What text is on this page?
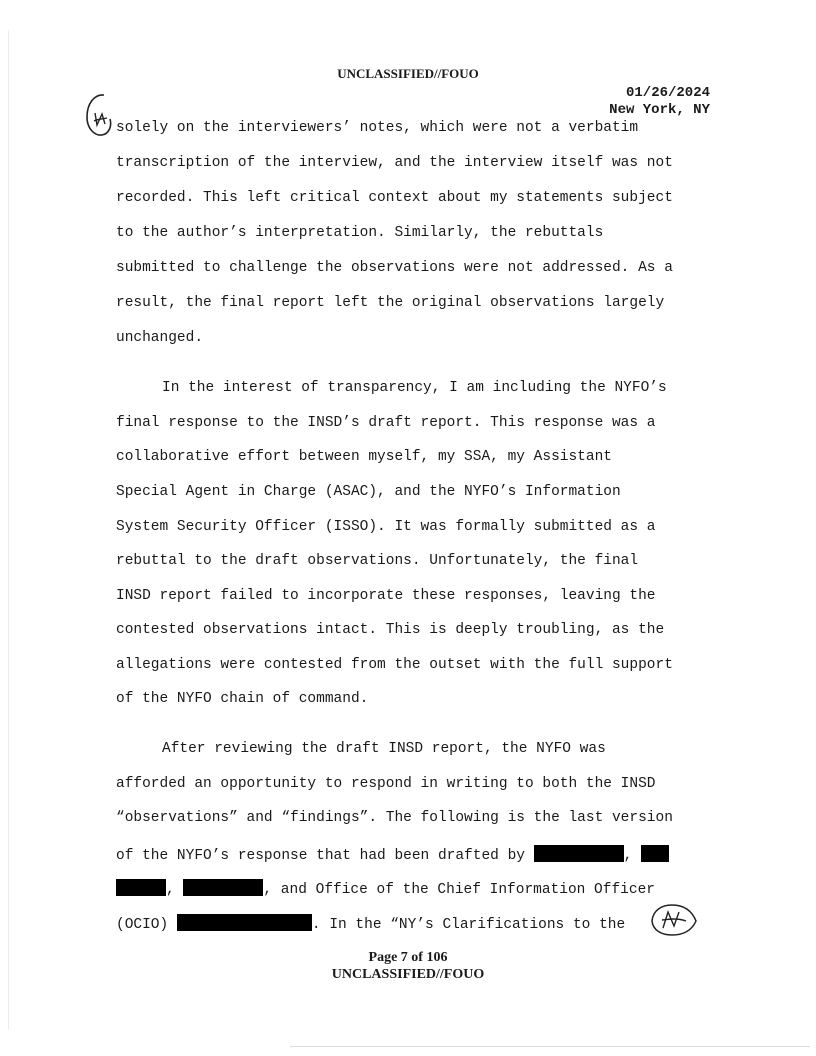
UNCLASSIFIED//FOUO
01/26/2024
New York, NY
solely on the interviewers’ notes, which were not a verbatim
transcription of the interview, and the interview itself was not
recorded. This left critical context about my statements subject
to the author’s interpretation. Similarly, the rebuttals
submitted to challenge the observations were not addressed. As a
result, the final report left the original observations largely
unchanged.
In the interest of transparency, I am including the NYFO’s
final response to the INSD’s draft report. This response was a
collaborative effort between myself, my SSA, my Assistant
Special Agent in Charge (ASAC), and the NYFO’s Information
System Security Officer (ISSO). It was formally submitted as a
rebuttal to the draft observations. Unfortunately, the final
INSD report failed to incorporate these responses, leaving the
contested observations intact. This is deeply troubling, as the
allegations were contested from the outset with the full support
of the NYFO chain of command.
After reviewing the draft INSD report, the NYFO was
afforded an opportunity to respond in writing to both the INSD
“observations” and “findings”. The following is the last version
of the NYFO’s response that had been drafted by	,
,	, and Office of the Chief Information Officer
(OCIO)	. In the “NY’s Clarifications to the
Page 7 of 106
UNCLASSIFIED//FOUO
